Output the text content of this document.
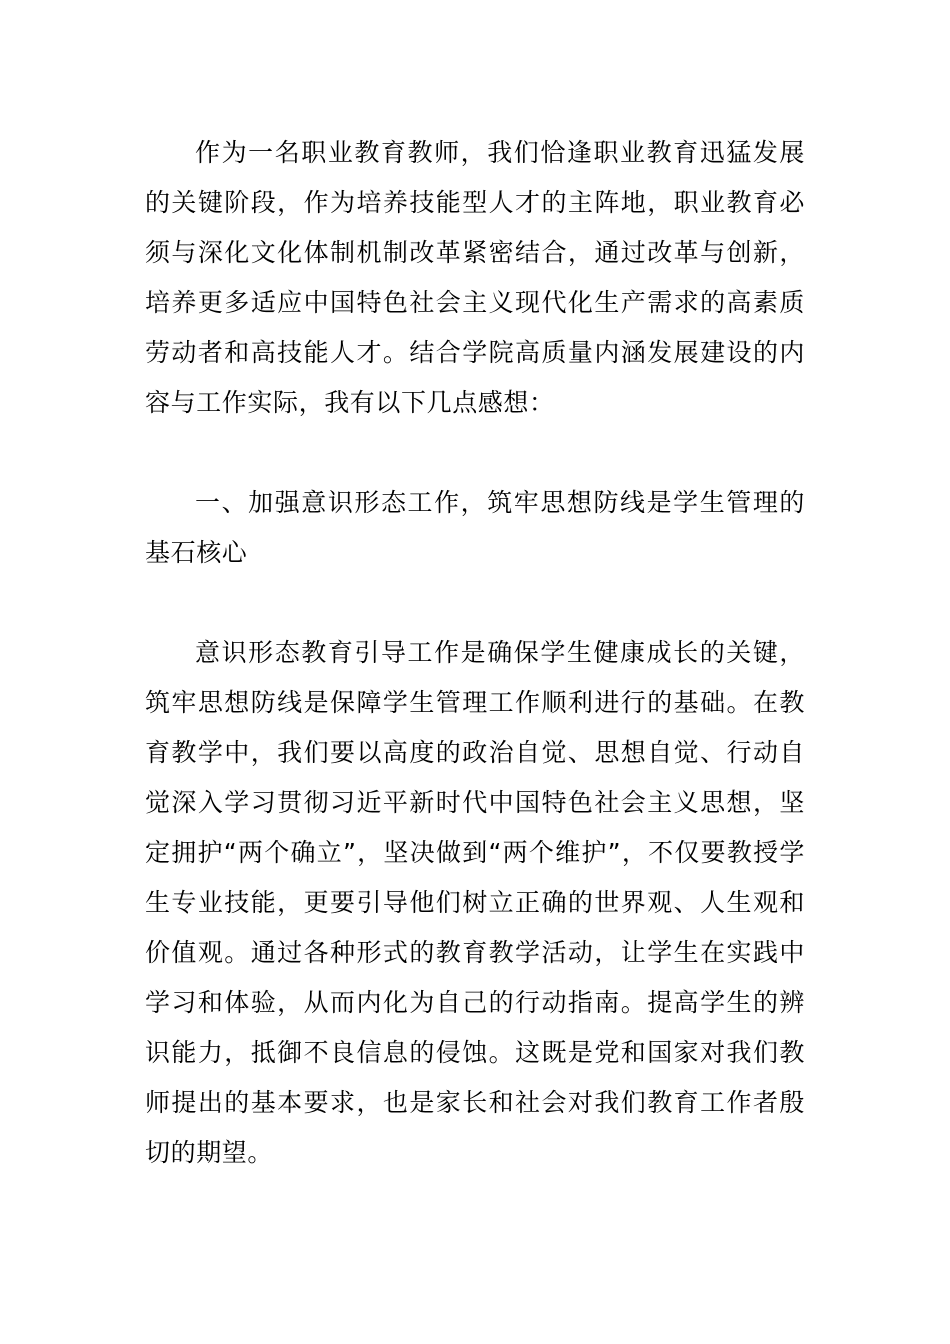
作为一名职业教育教师，我们恰逢职业教育迅猛发展的关键阶段，作为培养技能型人才的主阵地，职业教育必须与深化文化体制机制改革紧密结合，通过改革与创新，培养更多适应中国特色社会主义现代化生产需求的高素质劳动者和高技能人才。结合学院高质量内涵发展建设的内容与工作实际，我有以下几点感想：

一、加强意识形态工作，筑牢思想防线是学生管理的基石核心

意识形态教育引导工作是确保学生健康成长的关键，筑牢思想防线是保障学生管理工作顺利进行的基础。在教育教学中，我们要以高度的政治自觉、思想自觉、行动自觉深入学习贯彻习近平新时代中国特色社会主义思想，坚定拥护“两个确立”，坚决做到“两个维护”，不仅要教授学生专业技能，更要引导他们树立正确的世界观、人生观和价值观。通过各种形式的教育教学活动，让学生在实践中学习和体验，从而内化为自己的行动指南。提高学生的辨识能力，抵御不良信息的侵蚀。这既是党和国家对我们教师提出的基本要求，也是家长和社会对我们教育工作者殷切的期望。
